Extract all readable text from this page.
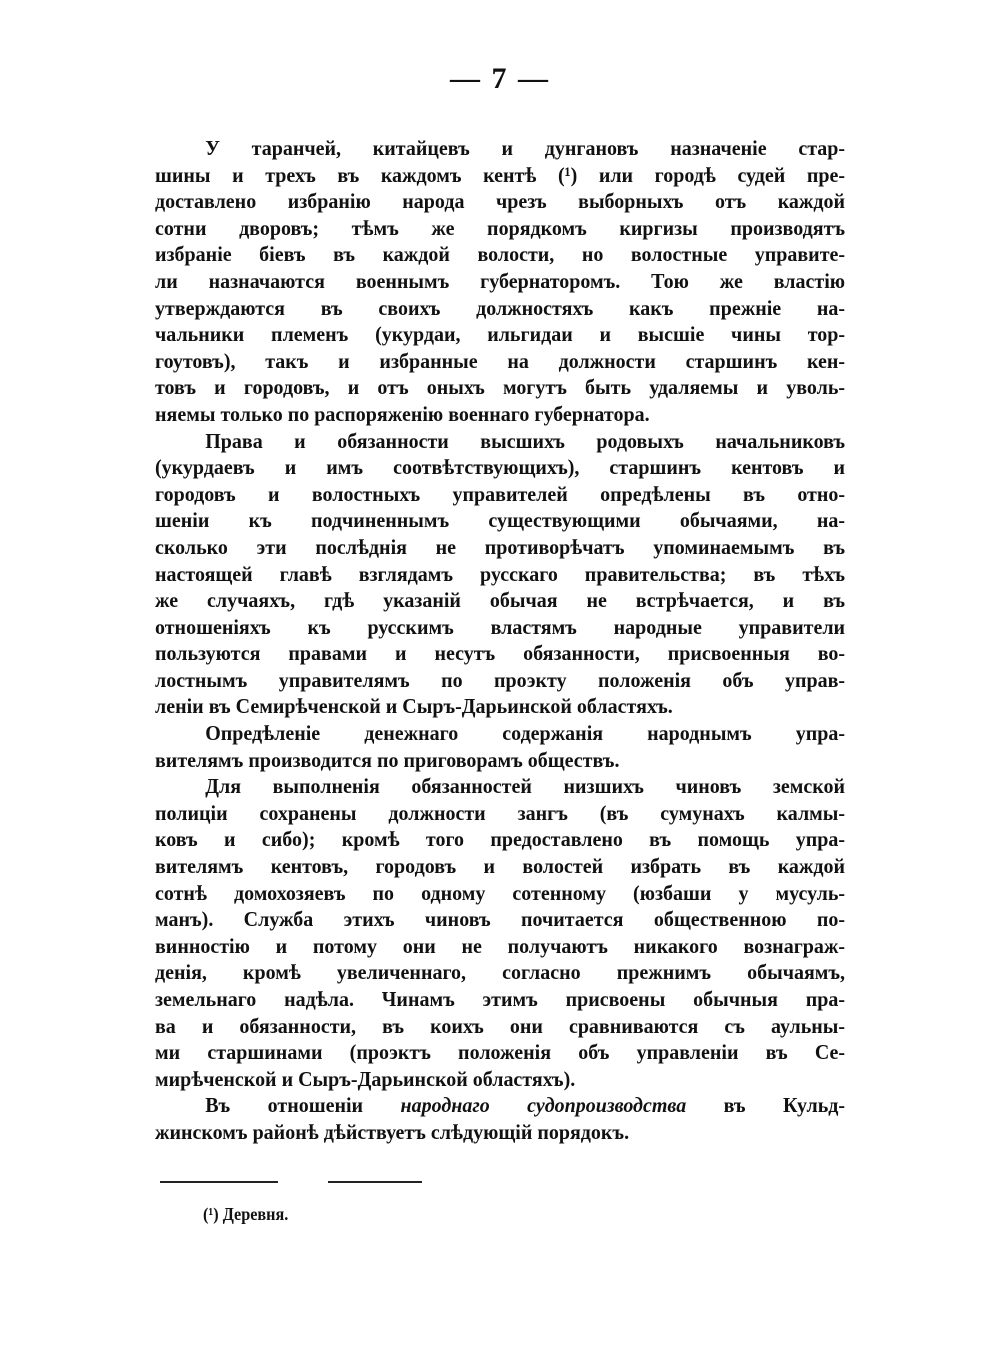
— 7 —
У таранчей, китайцевъ и дунгановъ назначеніе стар-
шины и трехъ въ каждомъ кентѣ (¹) или городѣ судей пре-
доставлено избранію народа чрезъ выборныхъ отъ каждой
сотни дворовъ; тѣмъ же порядкомъ киргизы производятъ
избраніе біевъ въ каждой волости, но волостные управите-
ли назначаются военнымъ губернаторомъ. Тою же властію
утверждаются въ своихъ должностяхъ какъ прежніе на-
чальники племенъ (укурдаи, ильгидаи и высшіе чины тор-
гоутовъ), такъ и избранные на должности старшинъ кен-
товъ и городовъ, и отъ оныхъ могутъ быть удаляемы и уволь-
няемы только по распоряженію военнаго губернатора.
Права и обязанности высшихъ родовыхъ начальниковъ
(укурдаевъ и имъ соотвѣтствующихъ), старшинъ кентовъ и
городовъ и волостныхъ управителей опредѣлены въ отно-
шеніи къ подчиненнымъ существующими обычаями, на-
сколько эти послѣднія не противорѣчатъ упоминаемымъ въ
настоящей главѣ взглядамъ русскаго правительства; въ тѣхъ
же случаяхъ, гдѣ указаній обычая не встрѣчается, и въ
отношеніяхъ къ русскимъ властямъ народные управители
пользуются правами и несутъ обязанности, присвоенныя во-
лостнымъ управителямъ по проэкту положенія объ управ-
леніи въ Семирѣченской и Сыръ-Дарьинской областяхъ.
Опредѣленіе денежнаго содержанія народнымъ упра-
вителямъ производится по приговорамъ обществъ.
Для выполненія обязанностей низшихъ чиновъ земской
полиціи сохранены должности зангъ (въ сумунахъ калмы-
ковъ и сибо); кромѣ того предоставлено въ помощь упра-
вителямъ кентовъ, городовъ и волостей избрать въ каждой
сотнѣ домохозяевъ по одному сотенному (юзбаши у мусуль-
манъ). Служба этихъ чиновъ почитается общественною по-
винностію и потому они не получаютъ никакого вознаграж-
денія, кромѣ увеличеннаго, согласно прежнимъ обычаямъ,
земельнаго надѣла. Чинамъ этимъ присвоены обычныя пра-
ва и обязанности, въ коихъ они сравниваются съ аульны-
ми старшинами (проэктъ положенія объ управленіи въ Се-
мирѣченской и Сыръ-Дарьинской областяхъ).
Въ отношеніи народнаго судопроизводства въ Кульд-
жинскомъ районѣ дѣйствуетъ слѣдующій порядокъ.
(¹) Деревня.
